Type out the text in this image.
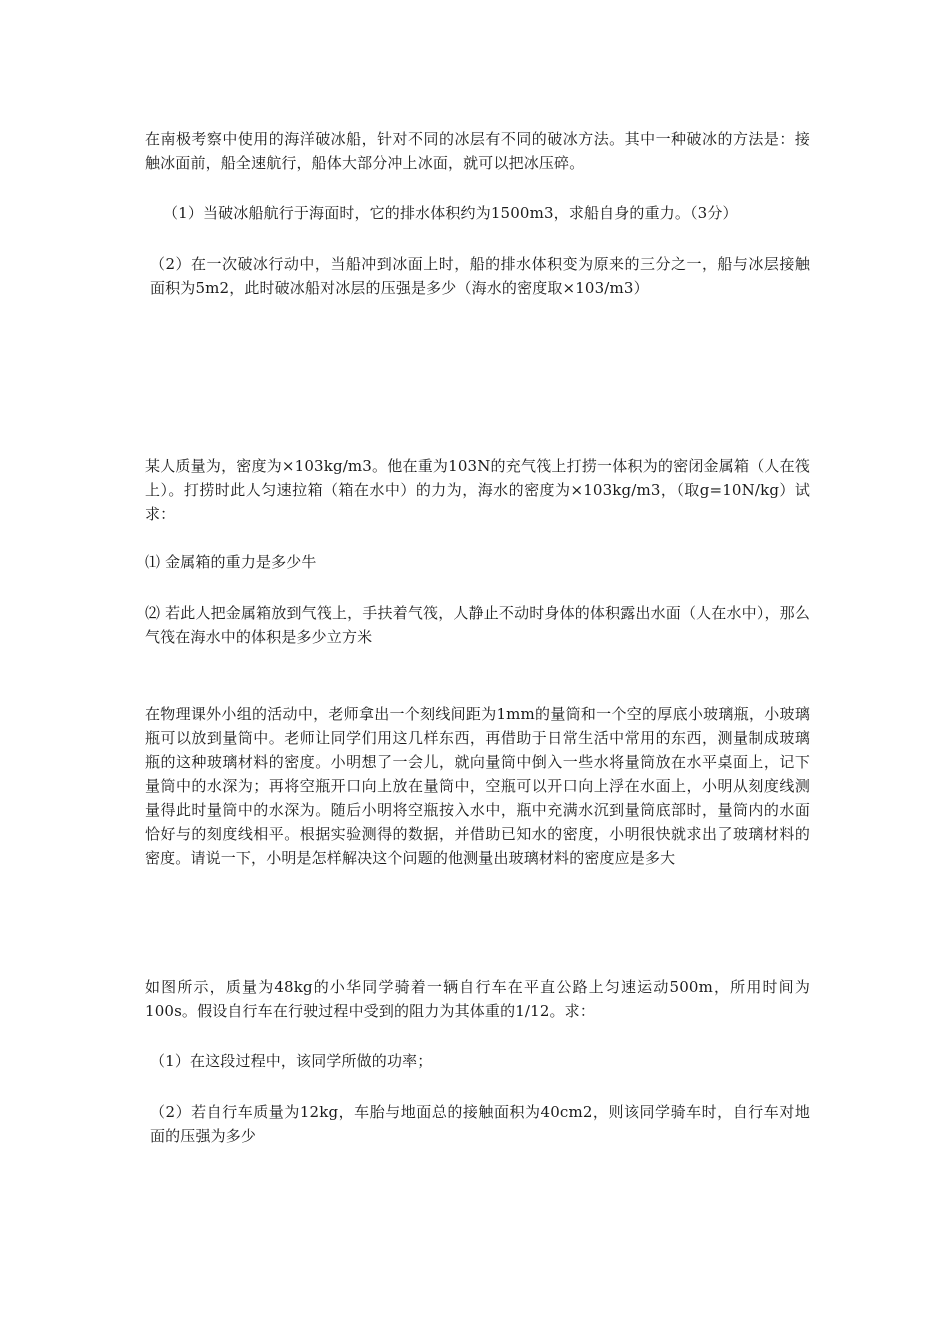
在南极考察中使用的海洋破冰船，针对不同的冰层有不同的破冰方法。其中一种破冰的方法是：接触冰面前，船全速航行，船体大部分冲上冰面，就可以把冰压碎。

（1）当破冰船航行于海面时，它的排水体积约为1500m3，求船自身的重力。（3分）

（2）在一次破冰行动中，当船冲到冰面上时，船的排水体积变为原来的三分之一，船与冰层接触面积为5m2，此时破冰船对冰层的压强是多少（海水的密度取×103/m3）

某人质量为，密度为×103kg/m3。他在重为103N的充气筏上打捞一体积为的密闭金属箱（人在筏上）。打捞时此人匀速拉箱（箱在水中）的力为，海水的密度为×103kg/m3，（取g=10N/kg）试求：

⑴ 金属箱的重力是多少牛

⑵ 若此人把金属箱放到气筏上，手扶着气筏，人静止不动时身体的体积露出水面（人在水中），那么气筏在海水中的体积是多少立方米

在物理课外小组的活动中，老师拿出一个刻线间距为1mm的量筒和一个空的厚底小玻璃瓶，小玻璃瓶可以放到量筒中。老师让同学们用这几样东西，再借助于日常生活中常用的东西，测量制成玻璃瓶的这种玻璃材料的密度。小明想了一会儿，就向量筒中倒入一些水将量筒放在水平桌面上，记下量筒中的水深为；再将空瓶开口向上放在量筒中，空瓶可以开口向上浮在水面上，小明从刻度线测量得此时量筒中的水深为。随后小明将空瓶按入水中，瓶中充满水沉到量筒底部时，量筒内的水面恰好与的刻度线相平。根据实验测得的数据，并借助已知水的密度，小明很快就求出了玻璃材料的密度。请说一下，小明是怎样解决这个问题的他测量出玻璃材料的密度应是多大

如图所示，质量为48kg的小华同学骑着一辆自行车在平直公路上匀速运动500m，所用时间为100s。假设自行车在行驶过程中受到的阻力为其体重的1/12。求：

（1）在这段过程中，该同学所做的功率；

（2）若自行车质量为12kg，车胎与地面总的接触面积为40cm2，则该同学骑车时，自行车对地面的压强为多少
